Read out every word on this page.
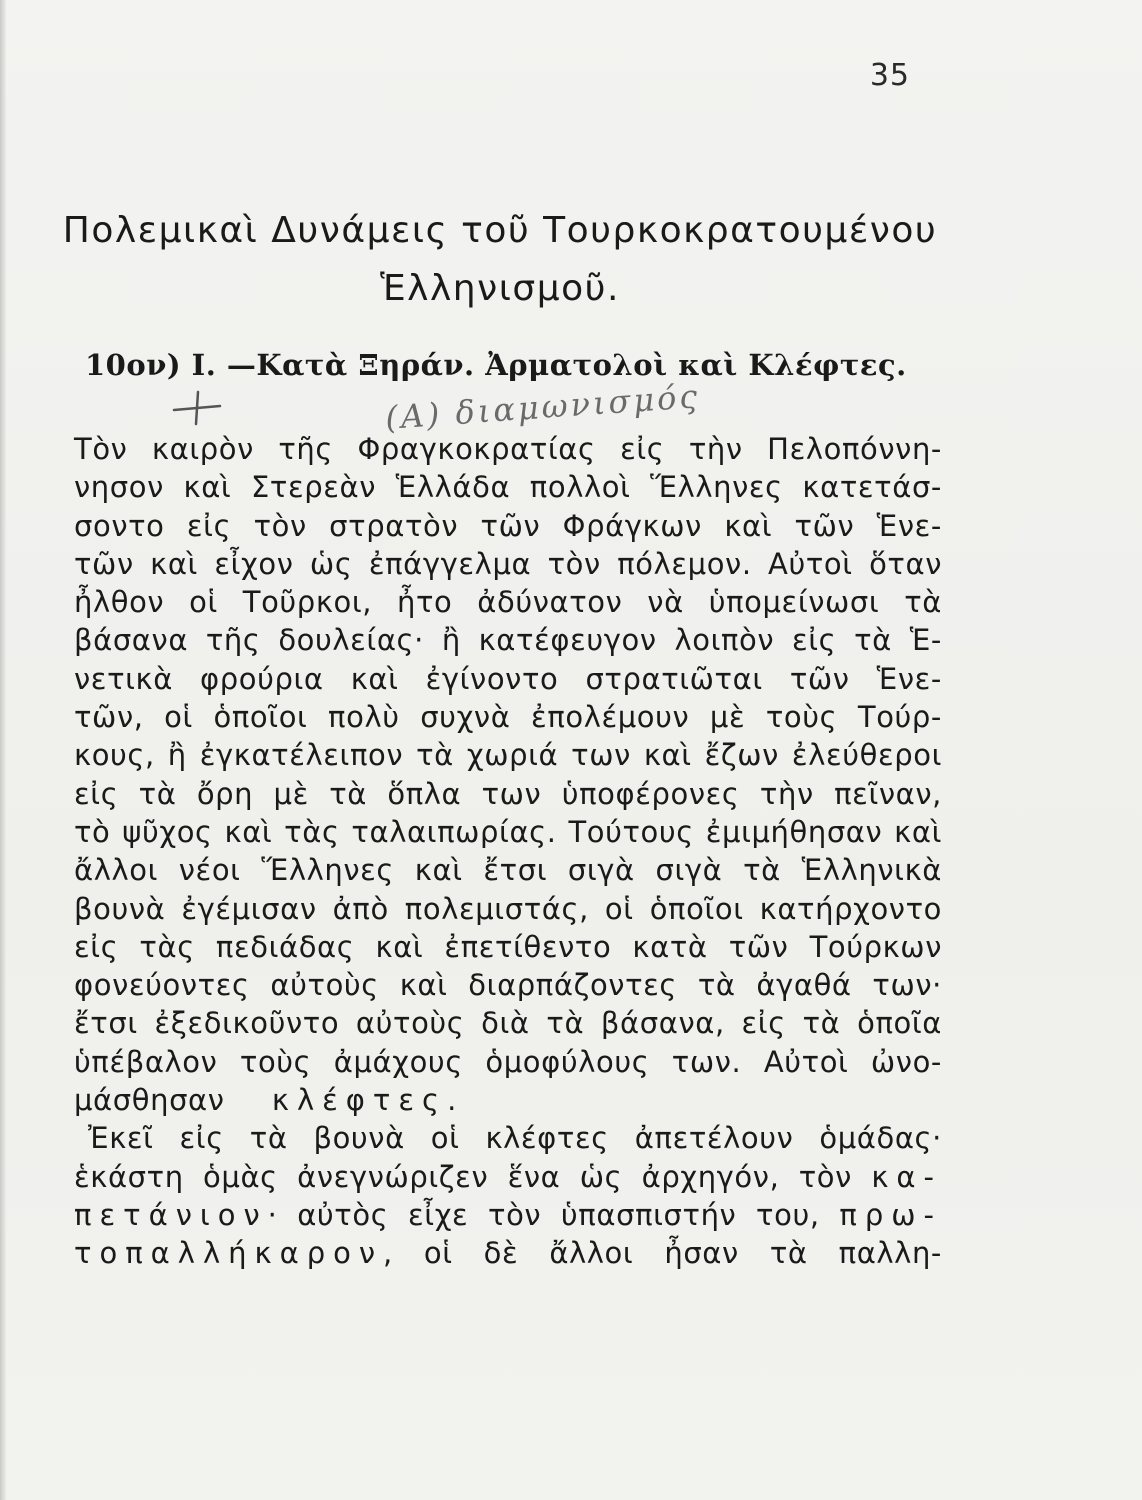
35
Πολεμικαὶ Δυνάμεις τοῦ Τουρκοκρατουμένου
Ἑλληνισμοῦ.
10ον) Ι. —Κατὰ Ξηράν. Ἀρματολοὶ καὶ Κλέφτες.
(Α) διαμωνισμός
Τὸν καιρὸν τῆς Φραγκοκρατίας εἰς τὴν Πελοπόννη-
νησον καὶ Στερεὰν Ἑλλάδα πολλοὶ Ἕλληνες κατετάσ-
σοντο εἰς τὸν στρατὸν τῶν Φράγκων καὶ τῶν Ἑνε-
τῶν καὶ εἶχον ὡς ἐπάγγελμα τὸν πόλεμον. Αὐτοὶ ὅταν
ἦλθον οἱ Τοῦρκοι, ἦτο ἀδύνατον νὰ ὑπομείνωσι τὰ
βάσανα τῆς δουλείας· ἢ κατέφευγον λοιπὸν εἰς τὰ Ἑ-
νετικὰ φρούρια καὶ ἐγίνοντο στρατιῶται τῶν Ἑνε-
τῶν, οἱ ὁποῖοι πολὺ συχνὰ ἐπολέμουν μὲ τοὺς Τούρ-
κους, ἢ ἐγκατέλειπον τὰ χωριά των καὶ ἔζων ἐλεύθεροι
εἰς τὰ ὄρη μὲ τὰ ὅπλα των ὑποφέρονες τὴν πεῖναν,
τὸ ψῦχος καὶ τὰς ταλαιπωρίας. Τούτους ἐμιμήθησαν καὶ
ἄλλοι νέοι Ἕλληνες καὶ ἔτσι σιγὰ σιγὰ τὰ Ἑλληνικὰ
βουνὰ ἐγέμισαν ἀπὸ πολεμιστάς, οἱ ὁποῖοι κατήρχοντο
εἰς τὰς πεδιάδας καὶ ἐπετίθεντο κατὰ τῶν Τούρκων
φονεύοντες αὐτοὺς καὶ διαρπάζοντες τὰ ἀγαθά των·
ἔτσι ἐξεδικοῦντο αὐτοὺς διὰ τὰ βάσανα, εἰς τὰ ὁποῖα
ὑπέβαλον τοὺς ἀμάχους ὁμοφύλους των. Αὐτοὶ ὠνο-
μάσθησαν κλέφτες.
Ἐκεῖ εἰς τὰ βουνὰ οἱ κλέφτες ἀπετέλουν ὁμάδας·
ἑκάστη ὁμὰς ἀνεγνώριζεν ἕνα ὡς ἀρχηγόν, τὸν κα-
πετάνιον· αὐτὸς εἶχε τὸν ὑπασπιστήν του, πρω-
τοπαλλήκαρον, οἱ δὲ ἄλλοι ἦσαν τὰ παλλη-
